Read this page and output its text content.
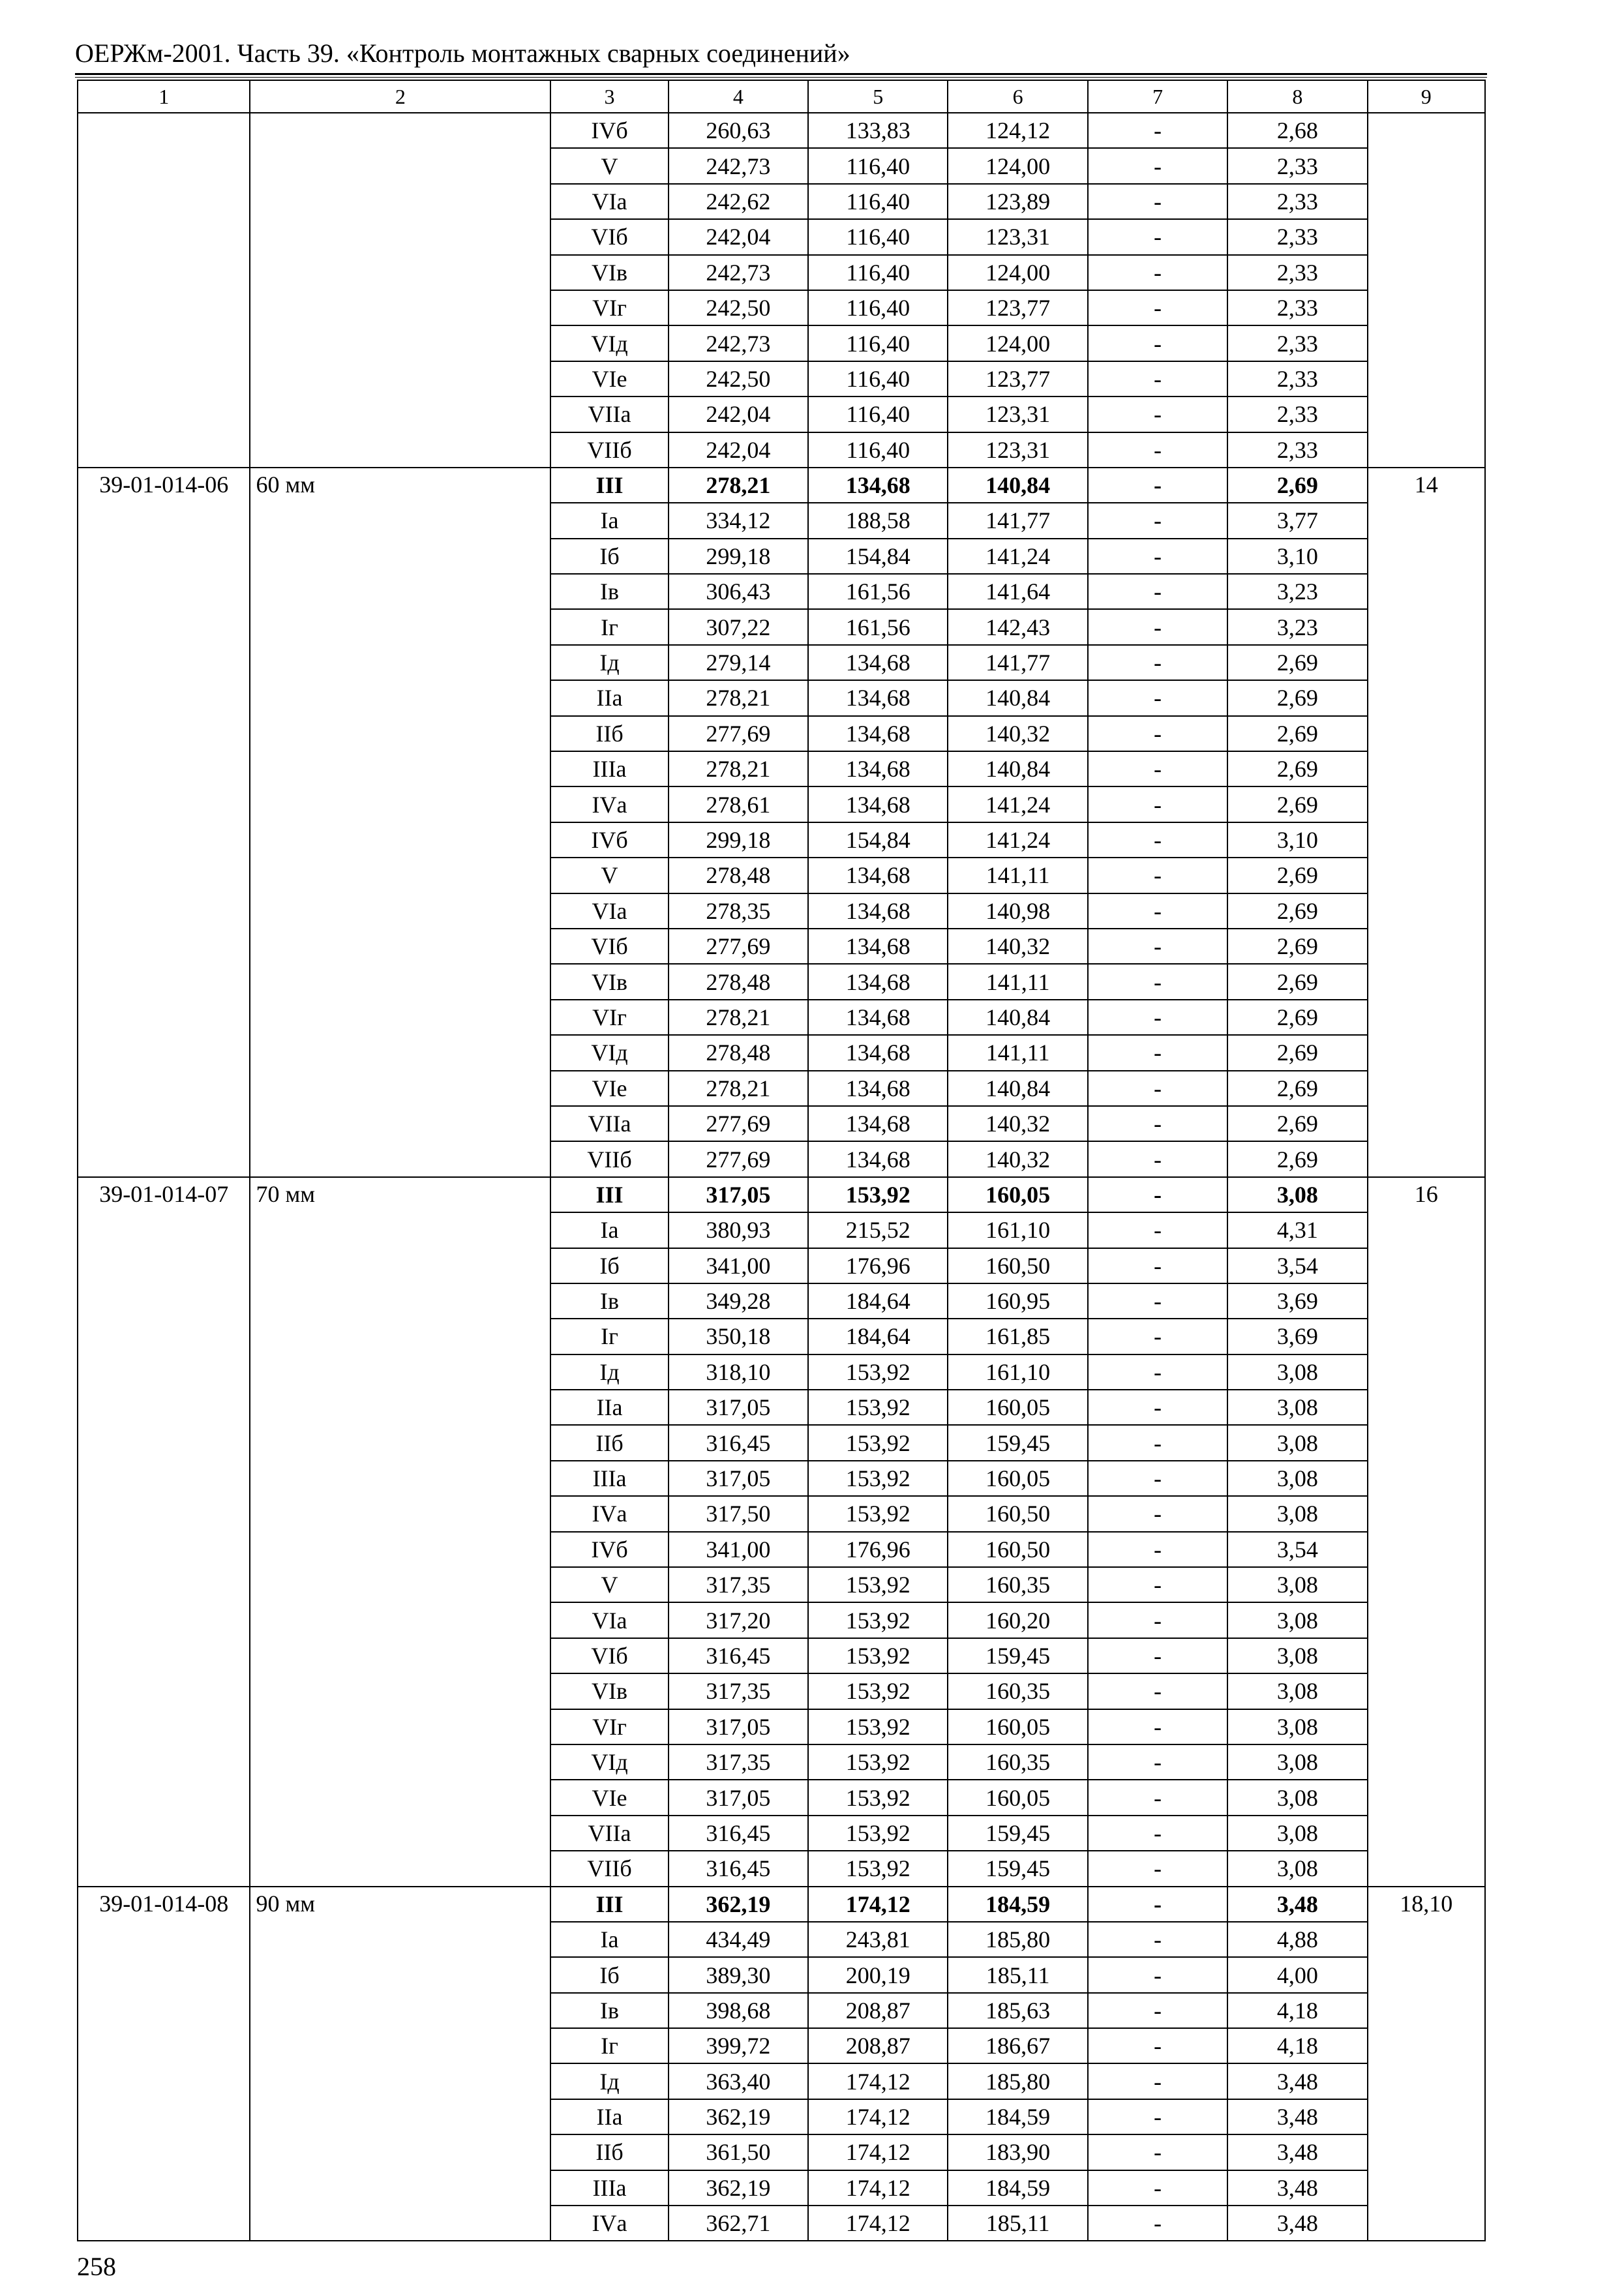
ОЕРЖм-2001. Часть 39. «Контроль монтажных сварных соединений»
1	2	3	4	5	6	7	8	9
		IVб	260,63	133,83	124,12	-	2,68	
		V	242,73	116,40	124,00	-	2,33	
		VIа	242,62	116,40	123,89	-	2,33	
		VIб	242,04	116,40	123,31	-	2,33	
		VIв	242,73	116,40	124,00	-	2,33	
		VIг	242,50	116,40	123,77	-	2,33	
		VIд	242,73	116,40	124,00	-	2,33	
		VIе	242,50	116,40	123,77	-	2,33	
		VIIа	242,04	116,40	123,31	-	2,33	
		VIIб	242,04	116,40	123,31	-	2,33	
39-01-014-06	60 мм	III	278,21	134,68	140,84	-	2,69	14
		Iа	334,12	188,58	141,77	-	3,77	
		Iб	299,18	154,84	141,24	-	3,10	
		Iв	306,43	161,56	141,64	-	3,23	
		Iг	307,22	161,56	142,43	-	3,23	
		Iд	279,14	134,68	141,77	-	2,69	
		IIа	278,21	134,68	140,84	-	2,69	
		IIб	277,69	134,68	140,32	-	2,69	
		IIIа	278,21	134,68	140,84	-	2,69	
		IVа	278,61	134,68	141,24	-	2,69	
		IVб	299,18	154,84	141,24	-	3,10	
		V	278,48	134,68	141,11	-	2,69	
		VIа	278,35	134,68	140,98	-	2,69	
		VIб	277,69	134,68	140,32	-	2,69	
		VIв	278,48	134,68	141,11	-	2,69	
		VIг	278,21	134,68	140,84	-	2,69	
		VIд	278,48	134,68	141,11	-	2,69	
		VIе	278,21	134,68	140,84	-	2,69	
		VIIа	277,69	134,68	140,32	-	2,69	
		VIIб	277,69	134,68	140,32	-	2,69	
39-01-014-07	70 мм	III	317,05	153,92	160,05	-	3,08	16
		Iа	380,93	215,52	161,10	-	4,31	
		Iб	341,00	176,96	160,50	-	3,54	
		Iв	349,28	184,64	160,95	-	3,69	
		Iг	350,18	184,64	161,85	-	3,69	
		Iд	318,10	153,92	161,10	-	3,08	
		IIа	317,05	153,92	160,05	-	3,08	
		IIб	316,45	153,92	159,45	-	3,08	
		IIIа	317,05	153,92	160,05	-	3,08	
		IVа	317,50	153,92	160,50	-	3,08	
		IVб	341,00	176,96	160,50	-	3,54	
		V	317,35	153,92	160,35	-	3,08	
		VIа	317,20	153,92	160,20	-	3,08	
		VIб	316,45	153,92	159,45	-	3,08	
		VIв	317,35	153,92	160,35	-	3,08	
		VIг	317,05	153,92	160,05	-	3,08	
		VIд	317,35	153,92	160,35	-	3,08	
		VIе	317,05	153,92	160,05	-	3,08	
		VIIа	316,45	153,92	159,45	-	3,08	
		VIIб	316,45	153,92	159,45	-	3,08	
39-01-014-08	90 мм	III	362,19	174,12	184,59	-	3,48	18,10
		Iа	434,49	243,81	185,80	-	4,88	
		Iб	389,30	200,19	185,11	-	4,00	
		Iв	398,68	208,87	185,63	-	4,18	
		Iг	399,72	208,87	186,67	-	4,18	
		Iд	363,40	174,12	185,80	-	3,48	
		IIа	362,19	174,12	184,59	-	3,48	
		IIб	361,50	174,12	183,90	-	3,48	
		IIIа	362,19	174,12	184,59	-	3,48	
		IVа	362,71	174,12	185,11	-	3,48	
258
